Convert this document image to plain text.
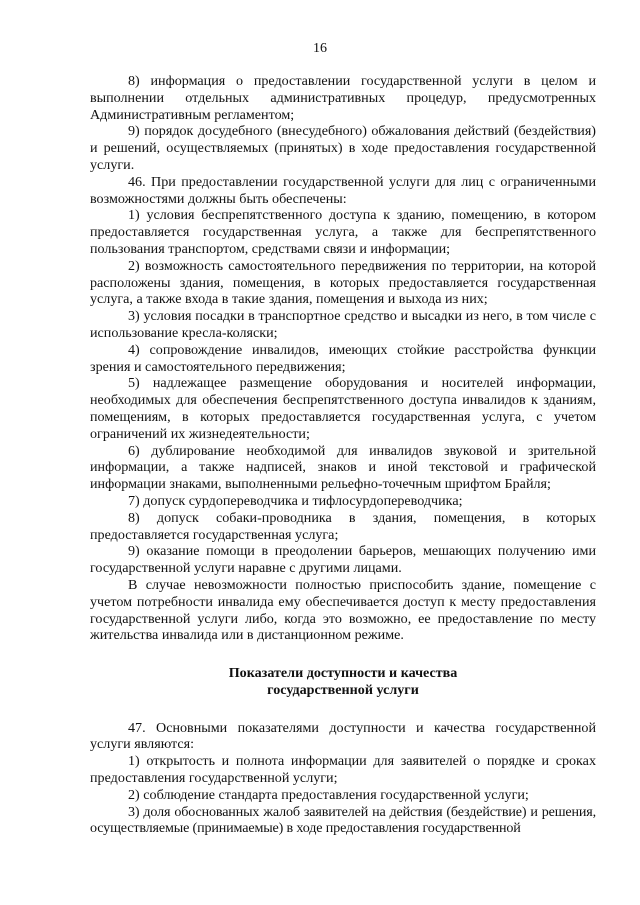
16

8) информация о предоставлении государственной услуги в целом и выполнении отдельных административных процедур, предусмотренных Административным регламентом;

9) порядок досудебного (внесудебного) обжалования действий (бездействия) и решений, осуществляемых (принятых) в ходе предоставления государственной услуги.

46. При предоставлении государственной услуги для лиц с ограниченными возможностями должны быть обеспечены:

1) условия беспрепятственного доступа к зданию, помещению, в котором предоставляется государственная услуга, а также для беспрепятственного пользования транспортом, средствами связи и информации;

2) возможность самостоятельного передвижения по территории, на которой расположены здания, помещения, в которых предоставляется государственная услуга, а также входа в такие здания, помещения и выхода из них;

3) условия посадки в транспортное средство и высадки из него, в том числе с использование кресла-коляски;

4) сопровождение инвалидов, имеющих стойкие расстройства функции зрения и самостоятельного передвижения;

5) надлежащее размещение оборудования и носителей информации, необходимых для обеспечения беспрепятственного доступа инвалидов к зданиям, помещениям, в которых предоставляется государственная услуга, с учетом ограничений их жизнедеятельности;

6) дублирование необходимой для инвалидов звуковой и зрительной информации, а также надписей, знаков и иной текстовой и графической информации знаками, выполненными рельефно-точечным шрифтом Брайля;

7) допуск сурдопереводчика и тифлосурдопереводчика;

8) допуск собаки-проводника в здания, помещения, в которых предоставляется государственная услуга;

9) оказание помощи в преодолении барьеров, мешающих получению ими государственной услуги наравне с другими лицами.

В случае невозможности полностью приспособить здание, помещение с учетом потребности инвалида ему обеспечивается доступ к месту предоставления государственной услуги либо, когда это возможно, ее предоставление по месту жительства инвалида или в дистанционном режиме.

Показатели доступности и качества
государственной услуги

47. Основными показателями доступности и качества государственной услуги являются:

1) открытость и полнота информации для заявителей о порядке и сроках предоставления государственной услуги;

2) соблюдение стандарта предоставления государственной услуги;

3) доля обоснованных жалоб заявителей на действия (бездействие) и решения, осуществляемые (принимаемые) в ходе предоставления государственной
